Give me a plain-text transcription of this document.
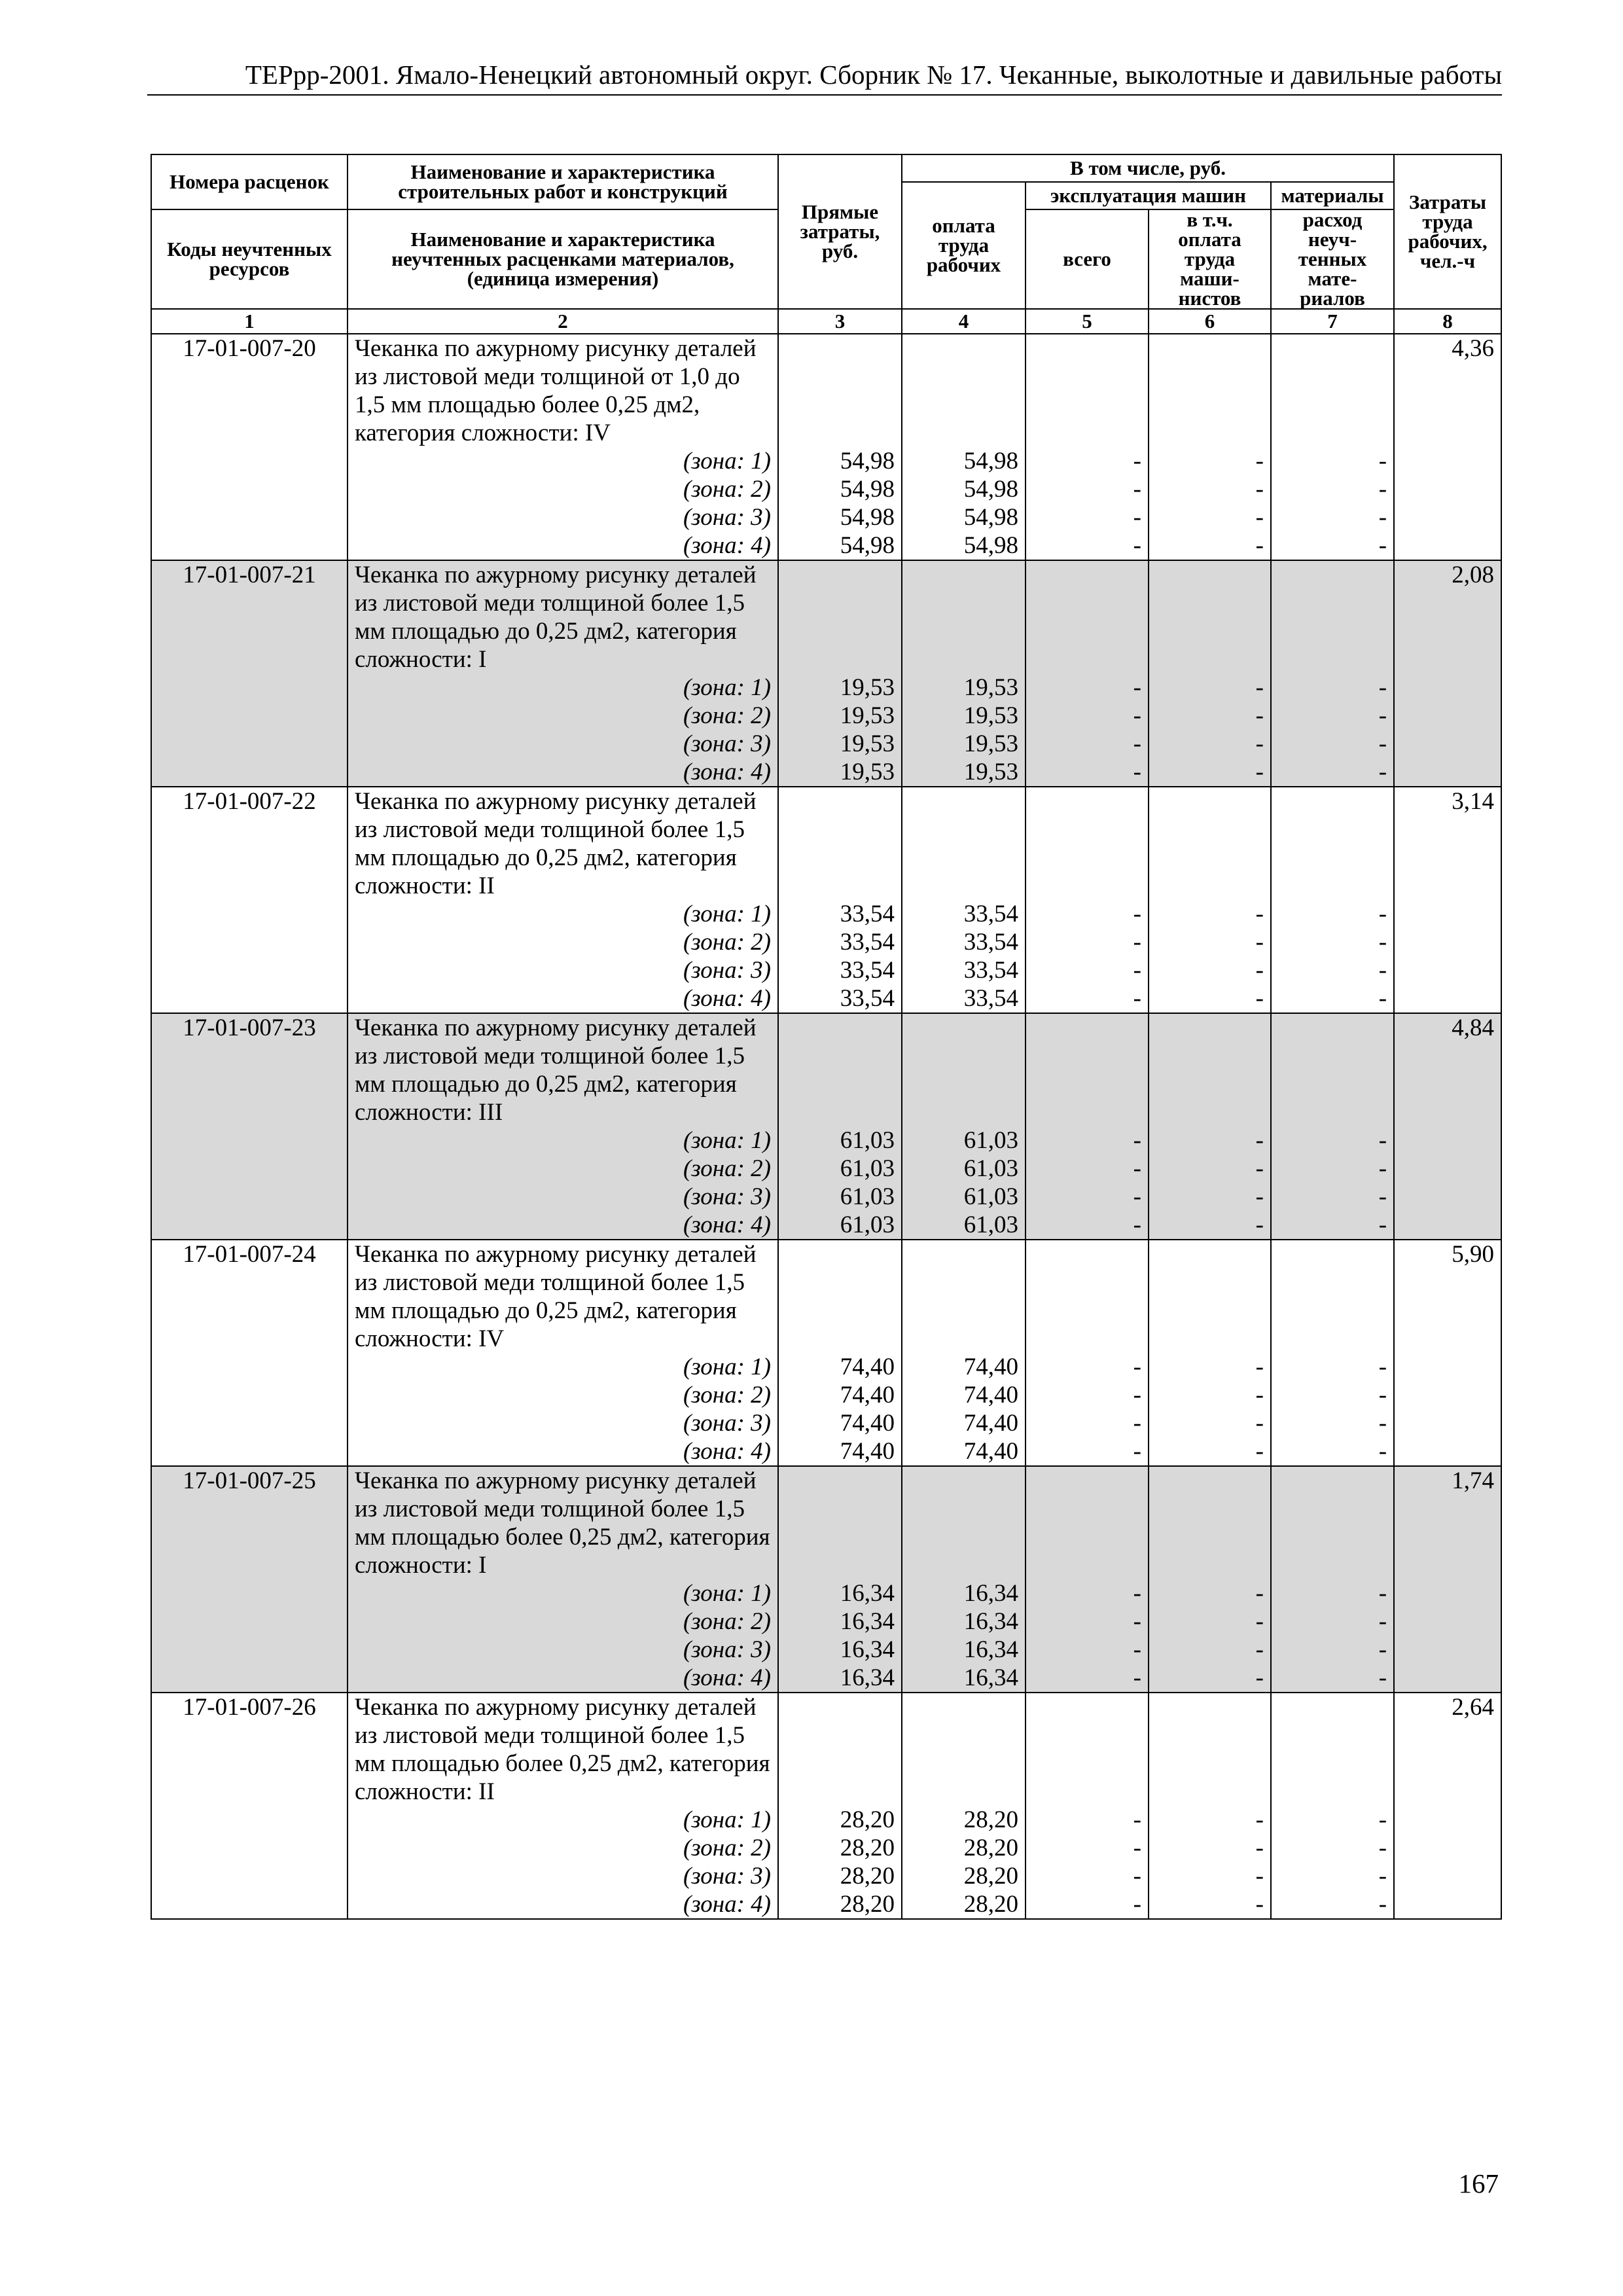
ТЕРрр-2001. Ямало-Ненецкий автономный округ. Сборник № 17. Чеканные, выколотные и давильные работы
Номера расценок	Наименование и характеристика строительных работ и конструкций	Прямые затраты, руб.	В том числе, руб.				Затраты труда рабочих, чел.-ч
			оплата труда рабочих	эксплуатация машин		материалы	
Коды неучтенных ресурсов	Наименование и характеристика неучтенных расценками материалов, (единица измерения)			всего	в т.ч. оплата труда маши- нистов	расход неуч- тенных мате- риалов	

1	2	3	4	5	6	7	8
17-01-007-20	Чеканка по ажурному рисунку деталей из листовой меди толщиной от 1,0 до 1,5 мм площадью более 0,25 дм2, категория сложности: IV						4,36
	(зона: 1)	54,98	54,98	-	-	-	
	(зона: 2)	54,98	54,98	-	-	-	
	(зона: 3)	54,98	54,98	-	-	-	
	(зона: 4)	54,98	54,98	-	-	-	
17-01-007-21	Чеканка по ажурному рисунку деталей из листовой меди толщиной более 1,5 мм площадью до 0,25 дм2, категория сложности: I						2,08
	(зона: 1)	19,53	19,53	-	-	-	
	(зона: 2)	19,53	19,53	-	-	-	
	(зона: 3)	19,53	19,53	-	-	-	
	(зона: 4)	19,53	19,53	-	-	-	
17-01-007-22	Чеканка по ажурному рисунку деталей из листовой меди толщиной более 1,5 мм площадью до 0,25 дм2, категория сложности: II						3,14
	(зона: 1)	33,54	33,54	-	-	-	
	(зона: 2)	33,54	33,54	-	-	-	
	(зона: 3)	33,54	33,54	-	-	-	
	(зона: 4)	33,54	33,54	-	-	-	
17-01-007-23	Чеканка по ажурному рисунку деталей из листовой меди толщиной более 1,5 мм площадью до 0,25 дм2, категория сложности: III						4,84
	(зона: 1)	61,03	61,03	-	-	-	
	(зона: 2)	61,03	61,03	-	-	-	
	(зона: 3)	61,03	61,03	-	-	-	
	(зона: 4)	61,03	61,03	-	-	-	
17-01-007-24	Чеканка по ажурному рисунку деталей из листовой меди толщиной более 1,5 мм площадью до 0,25 дм2, категория сложности: IV						5,90
	(зона: 1)	74,40	74,40	-	-	-	
	(зона: 2)	74,40	74,40	-	-	-	
	(зона: 3)	74,40	74,40	-	-	-	
	(зона: 4)	74,40	74,40	-	-	-	
17-01-007-25	Чеканка по ажурному рисунку деталей из листовой меди толщиной более 1,5 мм площадью более 0,25 дм2, категория сложности: I						1,74
	(зона: 1)	16,34	16,34	-	-	-	
	(зона: 2)	16,34	16,34	-	-	-	
	(зона: 3)	16,34	16,34	-	-	-	
	(зона: 4)	16,34	16,34	-	-	-	
17-01-007-26	Чеканка по ажурному рисунку деталей из листовой меди толщиной более 1,5 мм площадью более 0,25 дм2, категория сложности: II						2,64
	(зона: 1)	28,20	28,20	-	-	-	
	(зона: 2)	28,20	28,20	-	-	-	
	(зона: 3)	28,20	28,20	-	-	-	
	(зона: 4)	28,20	28,20	-	-	-	
167
